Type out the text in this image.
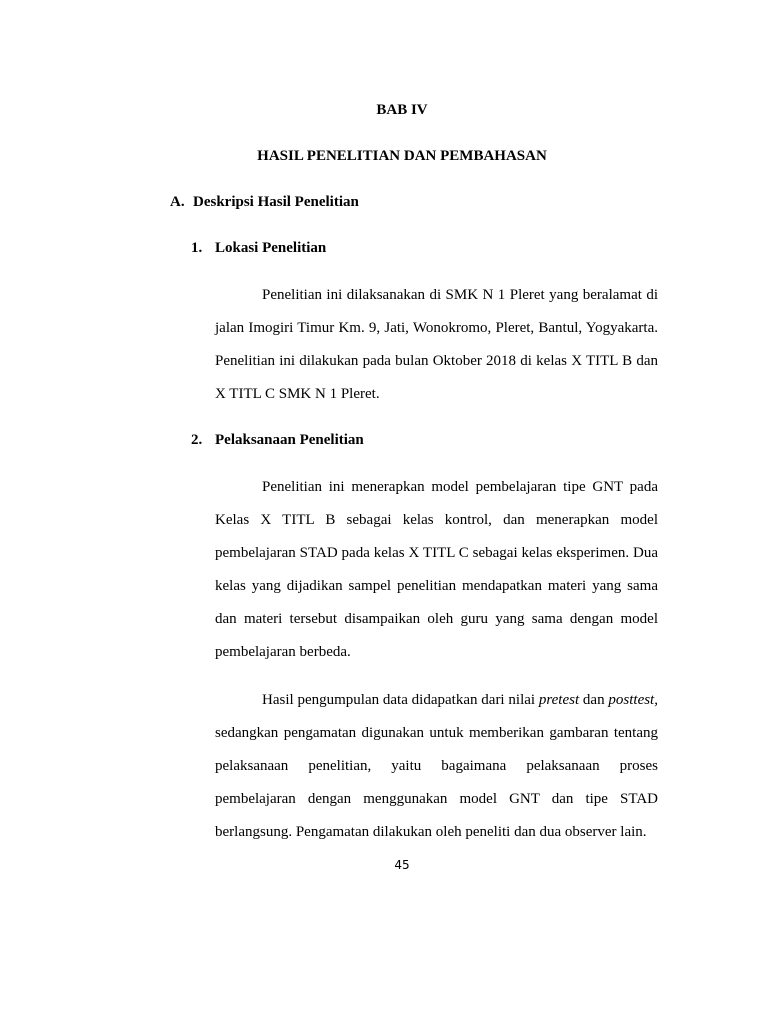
BAB IV
HASIL PENELITIAN DAN PEMBAHASAN
A. Deskripsi Hasil Penelitian
1. Lokasi Penelitian

Penelitian ini dilaksanakan di SMK N 1 Pleret yang beralamat di jalan Imogiri Timur Km. 9, Jati, Wonokromo, Pleret, Bantul, Yogyakarta. Penelitian ini dilakukan pada bulan Oktober 2018 di kelas X TITL B dan X TITL C SMK N 1 Pleret.

2. Pelaksanaan Penelitian

Penelitian ini menerapkan model pembelajaran tipe GNT pada Kelas X TITL B sebagai kelas kontrol, dan menerapkan model pembelajaran STAD pada kelas X TITL C sebagai kelas eksperimen. Dua kelas yang dijadikan sampel penelitian mendapatkan materi yang sama dan materi tersebut disampaikan oleh guru yang sama dengan model pembelajaran berbeda.

Hasil pengumpulan data didapatkan dari nilai pretest dan posttest, sedangkan pengamatan digunakan untuk memberikan gambaran tentang pelaksanaan penelitian, yaitu bagaimana pelaksanaan proses pembelajaran dengan menggunakan model GNT dan tipe STAD berlangsung. Pengamatan dilakukan oleh peneliti dan dua observer lain.

45
